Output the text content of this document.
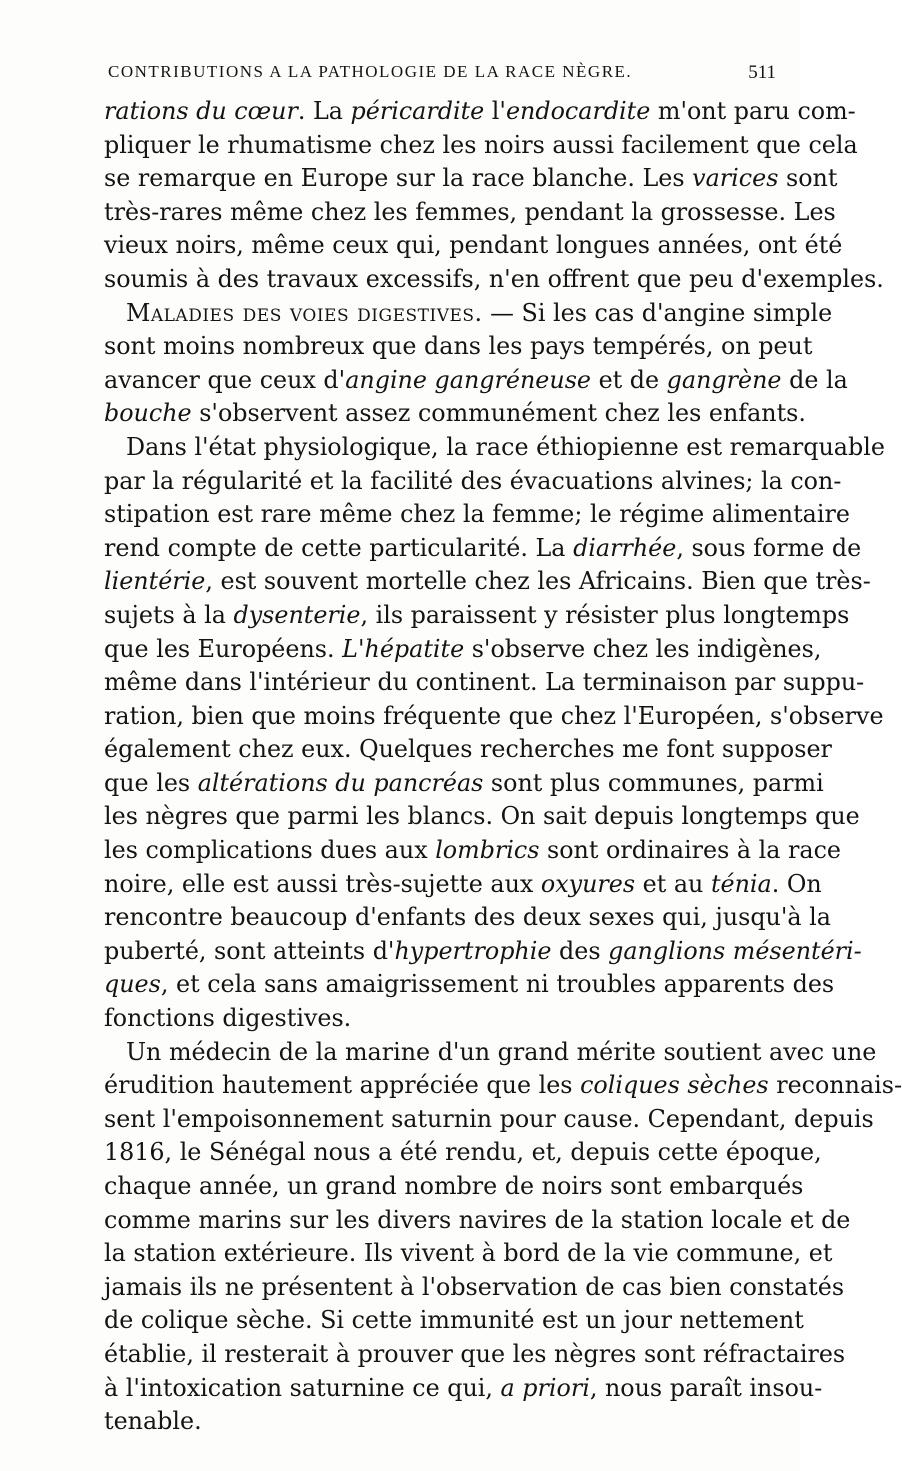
CONTRIBUTIONS A LA PATHOLOGIE DE LA RACE NÈGRE.	511
rations du cœur. La péricardite l'endocardite m'ont paru com-
pliquer le rhumatisme chez les noirs aussi facilement que cela
se remarque en Europe sur la race blanche. Les varices sont
très-rares même chez les femmes, pendant la grossesse. Les
vieux noirs, même ceux qui, pendant longues années, ont été
soumis à des travaux excessifs, n'en offrent que peu d'exemples.
Maladies des voies digestives. — Si les cas d'angine simple
sont moins nombreux que dans les pays tempérés, on peut
avancer que ceux d'angine gangréneuse et de gangrène de la
bouche s'observent assez communément chez les enfants.
Dans l'état physiologique, la race éthiopienne est remarquable
par la régularité et la facilité des évacuations alvines; la con-
stipation est rare même chez la femme; le régime alimentaire
rend compte de cette particularité. La diarrhée, sous forme de
lientérie, est souvent mortelle chez les Africains. Bien que très-
sujets à la dysenterie, ils paraissent y résister plus longtemps
que les Européens. L'hépatite s'observe chez les indigènes,
même dans l'intérieur du continent. La terminaison par suppu-
ration, bien que moins fréquente que chez l'Européen, s'observe
également chez eux. Quelques recherches me font supposer
que les altérations du pancréas sont plus communes, parmi
les nègres que parmi les blancs. On sait depuis longtemps que
les complications dues aux lombrics sont ordinaires à la race
noire, elle est aussi très-sujette aux oxyures et au ténia. On
rencontre beaucoup d'enfants des deux sexes qui, jusqu'à la
puberté, sont atteints d'hypertrophie des ganglions mésentéri-
ques, et cela sans amaigrissement ni troubles apparents des
fonctions digestives.
Un médecin de la marine d'un grand mérite soutient avec une
érudition hautement appréciée que les coliques sèches reconnais-
sent l'empoisonnement saturnin pour cause. Cependant, depuis
1816, le Sénégal nous a été rendu, et, depuis cette époque,
chaque année, un grand nombre de noirs sont embarqués
comme marins sur les divers navires de la station locale et de
la station extérieure. Ils vivent à bord de la vie commune, et
jamais ils ne présentent à l'observation de cas bien constatés
de colique sèche. Si cette immunité est un jour nettement
établie, il resterait à prouver que les nègres sont réfractaires
à l'intoxication saturnine ce qui, a priori, nous paraît insou-
tenable.
